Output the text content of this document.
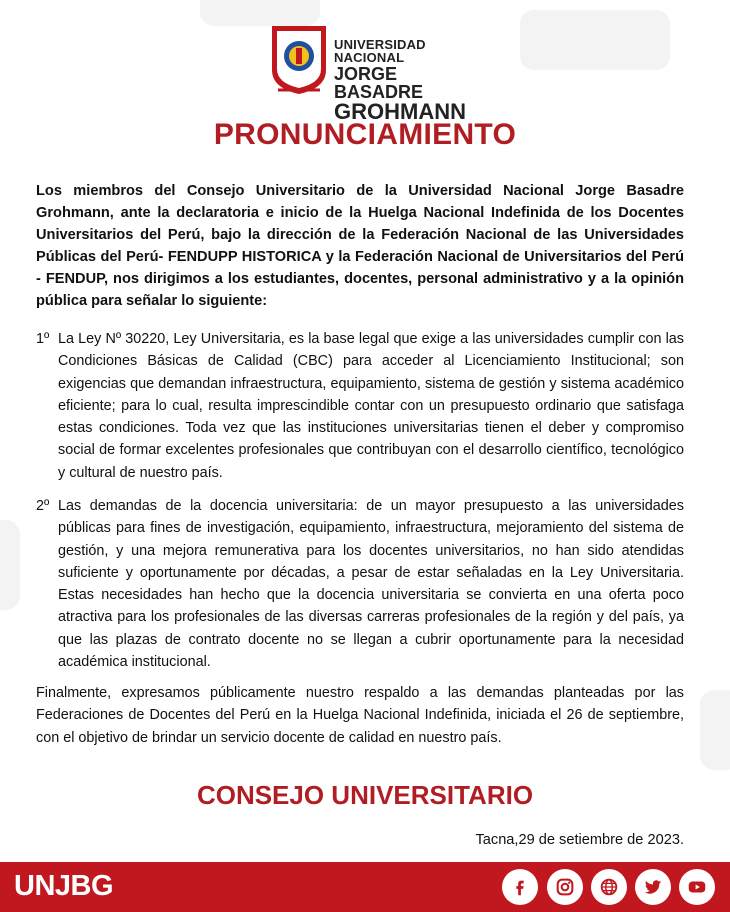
UNIVERSIDAD NACIONAL
JORGE BASADRE
GROHMANN
PRONUNCIAMIENTO
Los miembros del Consejo Universitario de la Universidad Nacional Jorge Basadre Grohmann, ante la declaratoria e inicio de la Huelga Nacional Indefinida de los Docentes Universitarios del Perú, bajo la dirección de la Federación Nacional de las Universidades Públicas del Perú- FENDUPP HISTORICA y la Federación Nacional de Universitarios del Perú - FENDUP, nos dirigimos a los estudiantes, docentes, personal administrativo y a la opinión pública para señalar lo siguiente:
1º La Ley Nº 30220, Ley Universitaria, es la base legal que exige a las universidades cumplir con las Condiciones Básicas de Calidad (CBC) para acceder al Licenciamiento Institucional; son exigencias que demandan infraestructura, equipamiento, sistema de gestión y sistema académico eficiente; para lo cual, resulta imprescindible contar con un presupuesto ordinario que satisfaga estas condiciones. Toda vez que las instituciones universitarias tienen el deber y compromiso social de formar excelentes profesionales que contribuyan con el desarrollo científico, tecnológico y cultural de nuestro país.
2º Las demandas de la docencia universitaria: de un mayor presupuesto a las universidades públicas para fines de investigación, equipamiento, infraestructura, mejoramiento del sistema de gestión, y una mejora remunerativa para los docentes universitarios, no han sido atendidas suficiente y oportunamente por décadas, a pesar de estar señaladas en la Ley Universitaria. Estas necesidades han hecho que la docencia universitaria se convierta en una oferta poco atractiva para los profesionales de las diversas carreras profesionales de la región y del país, ya que las plazas de contrato docente no se llegan a cubrir oportunamente para la necesidad académica institucional.
Finalmente, expresamos públicamente nuestro respaldo a las demandas planteadas por las Federaciones de Docentes del Perú en la Huelga Nacional Indefinida, iniciada el 26 de septiembre, con el objetivo de brindar un servicio docente de calidad en nuestro país.
CONSEJO UNIVERSITARIO
Tacna,29 de setiembre de 2023.
UNJBG
